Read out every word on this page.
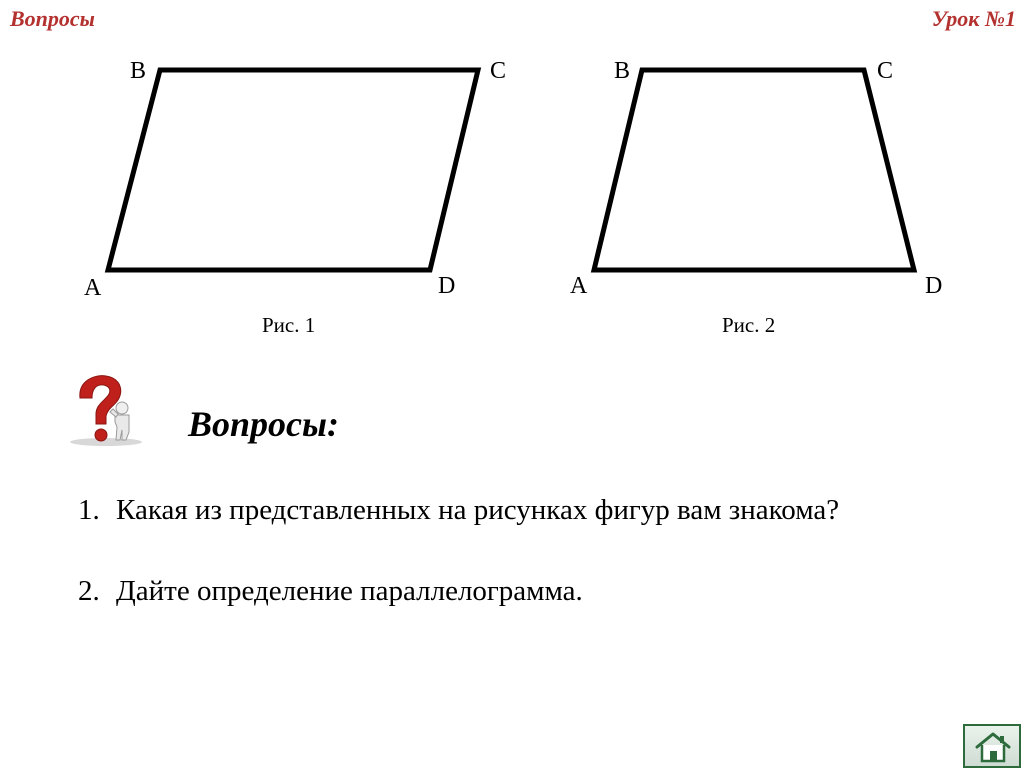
Вопросы	Урок №1
B	C
A	D
B	C
A	D
Рис. 1	Рис. 2
Вопросы:
1. Какая из представленных на рисунках фигур вам знакома?
2. Дайте определение параллелограмма.
